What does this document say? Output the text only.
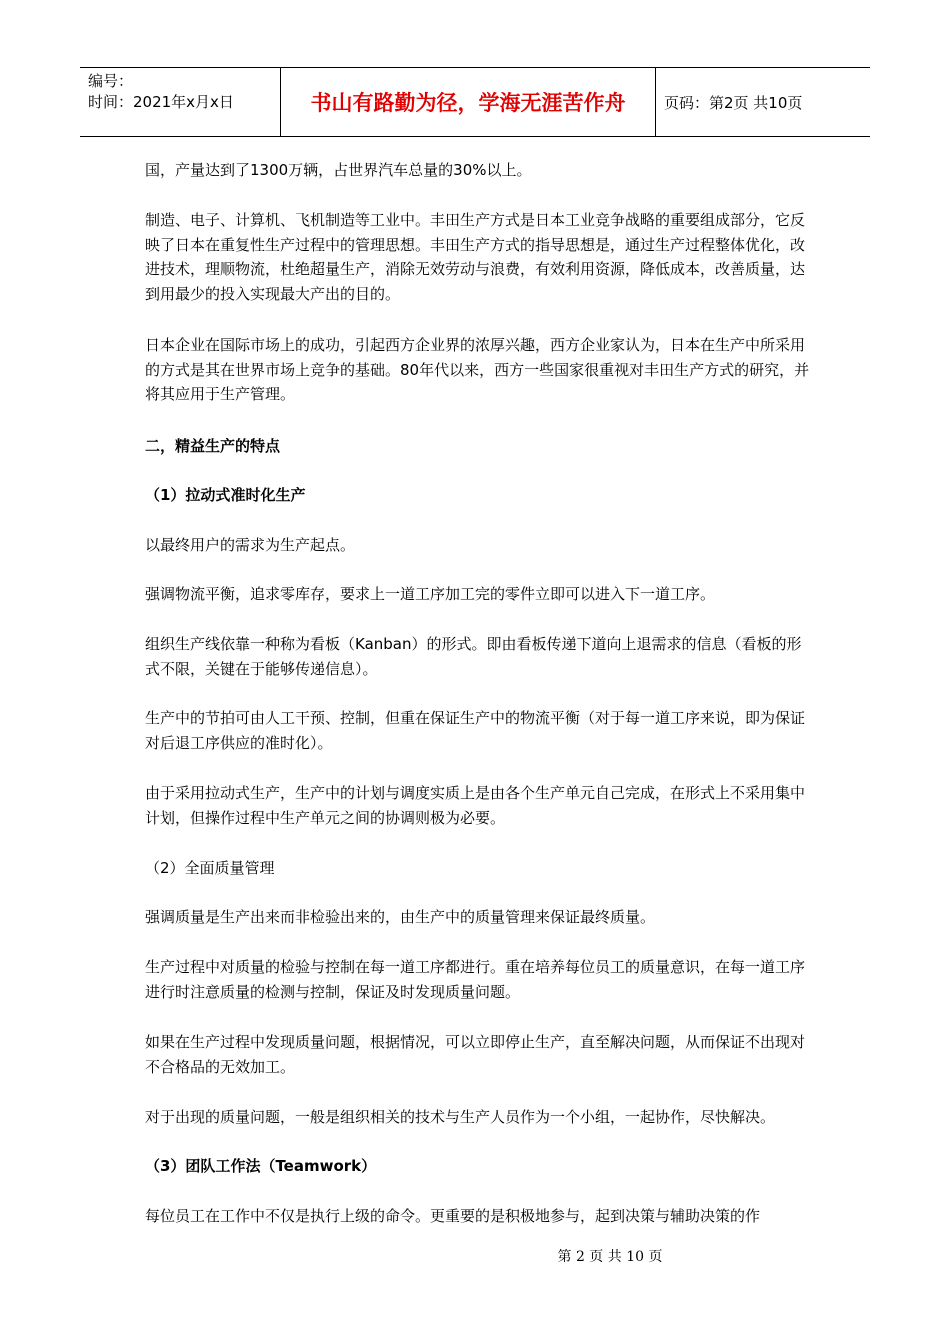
编号：
时间：2021年x月x日	书山有路勤为径，学海无涯苦作舟	页码：第2页 共10页

国，产量达到了1300万辆，占世界汽车总量的30%以上。

制造、电子、计算机、飞机制造等工业中。丰田生产方式是日本工业竞争战略的重要组成部分，它反映了日本在重复性生产过程中的管理思想。丰田生产方式的指导思想是，通过生产过程整体优化，改进技术，理顺物流，杜绝超量生产，消除无效劳动与浪费，有效利用资源，降低成本，改善质量，达到用最少的投入实现最大产出的目的。

日本企业在国际市场上的成功，引起西方企业界的浓厚兴趣，西方企业家认为，日本在生产中所采用的方式是其在世界市场上竞争的基础。80年代以来，西方一些国家很重视对丰田生产方式的研究，并将其应用于生产管理。

二，精益生产的特点

（1）拉动式准时化生产

以最终用户的需求为生产起点。

强调物流平衡，追求零库存，要求上一道工序加工完的零件立即可以进入下一道工序。

组织生产线依靠一种称为看板（Kanban）的形式。即由看板传递下道向上退需求的信息（看板的形式不限，关键在于能够传递信息）。

生产中的节拍可由人工干预、控制，但重在保证生产中的物流平衡（对于每一道工序来说，即为保证对后退工序供应的准时化）。

由于采用拉动式生产，生产中的计划与调度实质上是由各个生产单元自己完成，在形式上不采用集中计划，但操作过程中生产单元之间的协调则极为必要。

（2）全面质量管理

强调质量是生产出来而非检验出来的，由生产中的质量管理来保证最终质量。

生产过程中对质量的检验与控制在每一道工序都进行。重在培养每位员工的质量意识，在每一道工序进行时注意质量的检测与控制，保证及时发现质量问题。

如果在生产过程中发现质量问题，根据情况，可以立即停止生产，直至解决问题，从而保证不出现对不合格品的无效加工。

对于出现的质量问题，一般是组织相关的技术与生产人员作为一个小组，一起协作，尽快解决。

（3）团队工作法（Teamwork）

每位员工在工作中不仅是执行上级的命令。更重要的是积极地参与，起到决策与辅助决策的作

第 2 页 共 10 页
